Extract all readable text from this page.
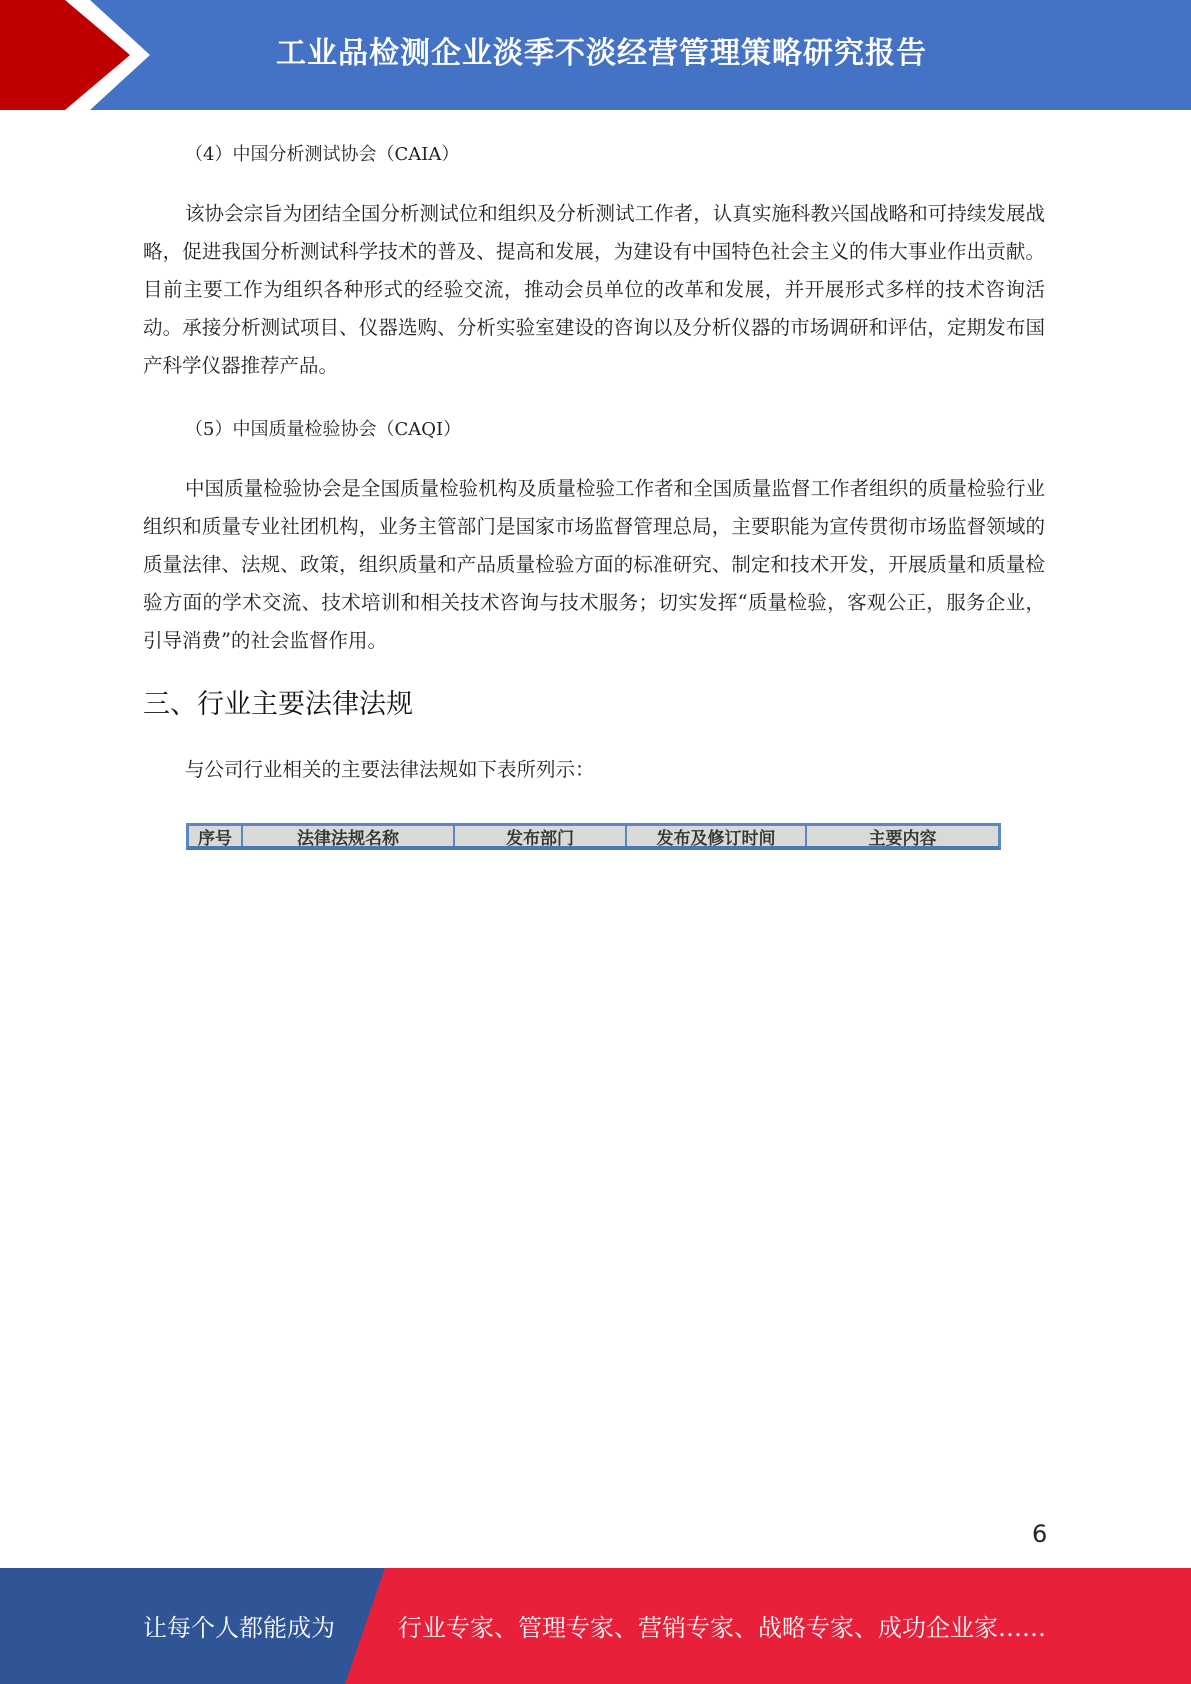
工业品检测企业淡季不淡经营管理策略研究报告
（4）中国分析测试协会（CAIA）
该协会宗旨为团结全国分析测试位和组织及分析测试工作者，认真实施科教兴国战略和可持续发展战略，促进我国分析测试科学技术的普及、提高和发展，为建设有中国特色社会主义的伟大事业作出贡献。目前主要工作为组织各种形式的经验交流，推动会员单位的改革和发展，并开展形式多样的技术咨询活动。承接分析测试项目、仪器选购、分析实验室建设的咨询以及分析仪器的市场调研和评估，定期发布国产科学仪器推荐产品。
（5）中国质量检验协会（CAQI）
中国质量检验协会是全国质量检验机构及质量检验工作者和全国质量监督工作者组织的质量检验行业组织和质量专业社团机构，业务主管部门是国家市场监督管理总局，主要职能为宣传贯彻市场监督领域的质量法律、法规、政策，组织质量和产品质量检验方面的标准研究、制定和技术开发，开展质量和质量检验方面的学术交流、技术培训和相关技术咨询与技术服务；切实发挥“质量检验，客观公正，服务企业，引导消费”的社会监督作用。
三、行业主要法律法规
与公司行业相关的主要法律法规如下表所列示：
序号	法律法规名称	发布部门	发布及修订时间	主要内容
6
让每个人都能成为	行业专家、管理专家、营销专家、战略专家、成功企业家……
